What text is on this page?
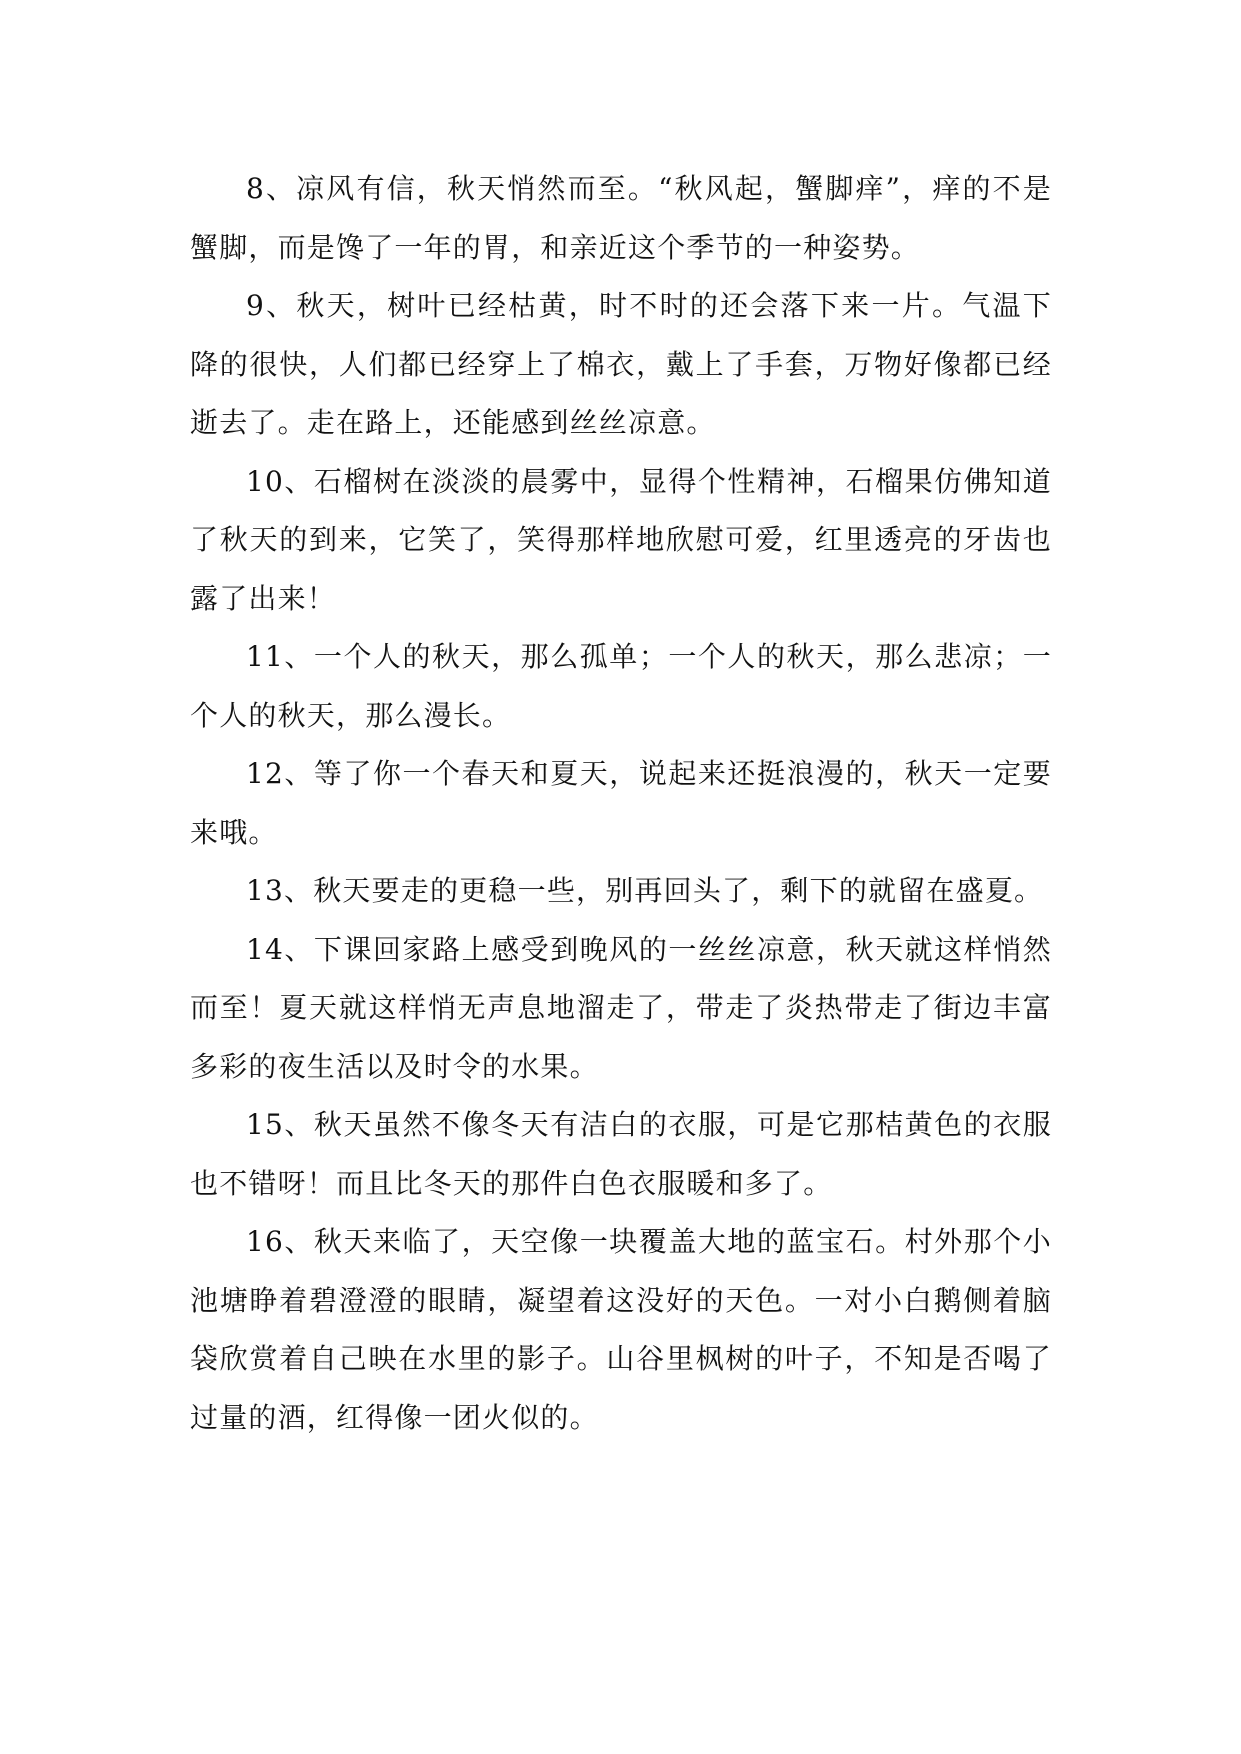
8、凉风有信，秋天悄然而至。“秋风起，蟹脚痒”，痒的不是蟹脚，而是馋了一年的胃，和亲近这个季节的一种姿势。

9、秋天，树叶已经枯黄，时不时的还会落下来一片。气温下降的很快，人们都已经穿上了棉衣，戴上了手套，万物好像都已经逝去了。走在路上，还能感到丝丝凉意。

10、石榴树在淡淡的晨雾中，显得个性精神，石榴果仿佛知道了秋天的到来，它笑了，笑得那样地欣慰可爱，红里透亮的牙齿也露了出来！

11、一个人的秋天，那么孤单；一个人的秋天，那么悲凉；一个人的秋天，那么漫长。

12、等了你一个春天和夏天，说起来还挺浪漫的，秋天一定要来哦。

13、秋天要走的更稳一些，别再回头了，剩下的就留在盛夏。

14、下课回家路上感受到晚风的一丝丝凉意，秋天就这样悄然而至！夏天就这样悄无声息地溜走了，带走了炎热带走了街边丰富多彩的夜生活以及时令的水果。

15、秋天虽然不像冬天有洁白的衣服，可是它那桔黄色的衣服也不错呀！而且比冬天的那件白色衣服暖和多了。

16、秋天来临了，天空像一块覆盖大地的蓝宝石。村外那个小池塘睁着碧澄澄的眼睛，凝望着这没好的天色。一对小白鹅侧着脑袋欣赏着自己映在水里的影子。山谷里枫树的叶子，不知是否喝了过量的酒，红得像一团火似的。
